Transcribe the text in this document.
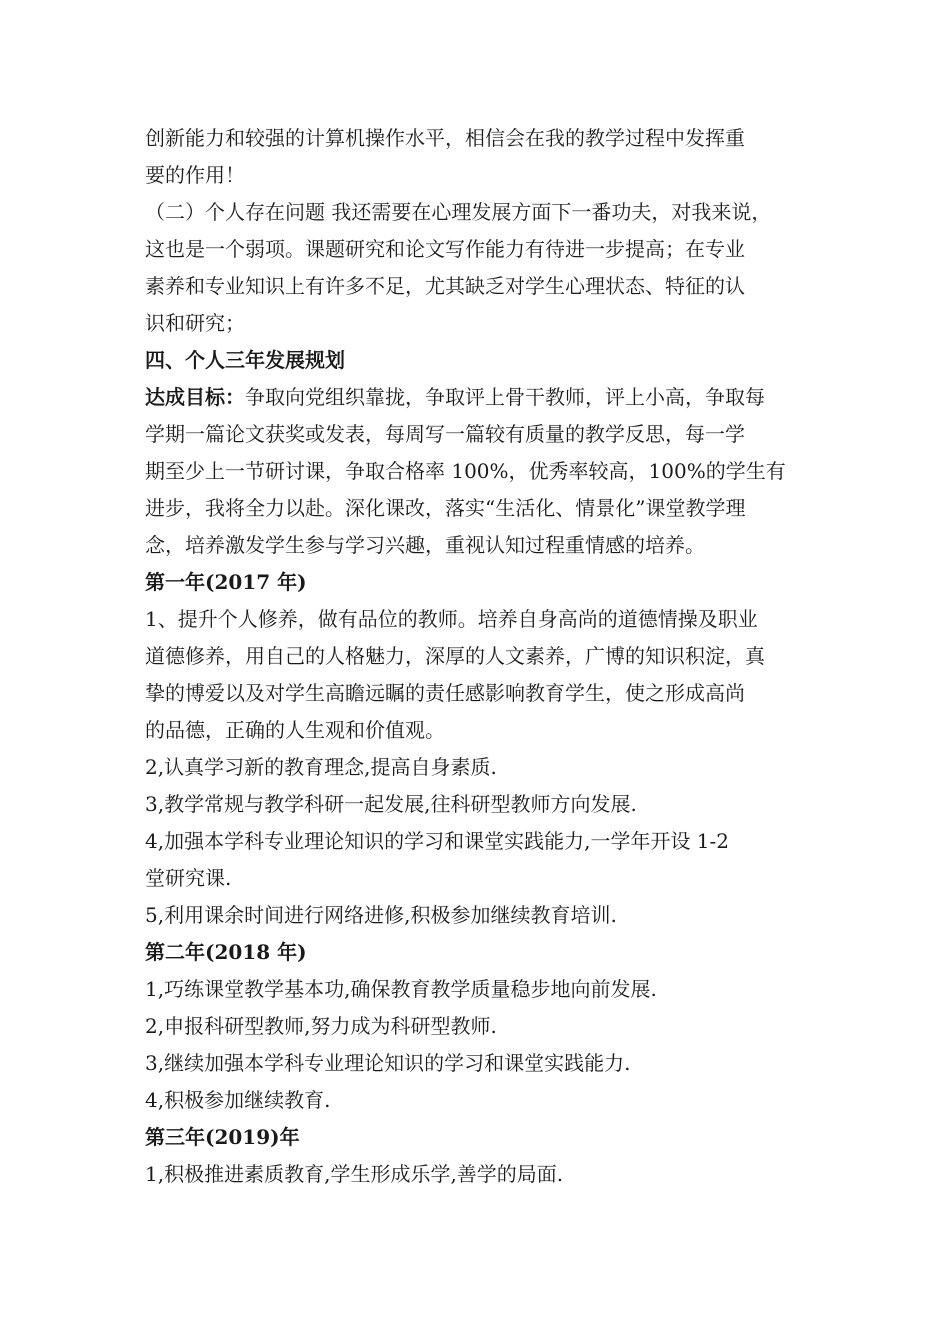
创新能力和较强的计算机操作水平，相信会在我的教学过程中发挥重
要的作用！
（二）个人存在问题 我还需要在心理发展方面下一番功夫，对我来说，
这也是一个弱项。课题研究和论文写作能力有待进一步提高；在专业
素养和专业知识上有许多不足，尤其缺乏对学生心理状态、特征的认
识和研究；
四、个人三年发展规划
达成目标：争取向党组织靠拢，争取评上骨干教师，评上小高，争取每
学期一篇论文获奖或发表，每周写一篇较有质量的教学反思，每一学
期至少上一节研讨课，争取合格率 100%，优秀率较高，100%的学生有
进步，我将全力以赴。深化课改，落实“生活化、情景化”课堂教学理
念，培养激发学生参与学习兴趣，重视认知过程重情感的培养。
第一年(2017 年)
1、提升个人修养，做有品位的教师。培养自身高尚的道德情操及职业
道德修养，用自己的人格魅力，深厚的人文素养，广博的知识积淀，真
挚的博爱以及对学生高瞻远瞩的责任感影响教育学生，使之形成高尚
的品德，正确的人生观和价值观。
2,认真学习新的教育理念,提高自身素质.
3,教学常规与教学科研一起发展,往科研型教师方向发展.
4,加强本学科专业理论知识的学习和课堂实践能力,一学年开设 1-2
堂研究课.
5,利用课余时间进行网络进修,积极参加继续教育培训.
第二年(2018 年)
1,巧练课堂教学基本功,确保教育教学质量稳步地向前发展.
2,申报科研型教师,努力成为科研型教师.
3,继续加强本学科专业理论知识的学习和课堂实践能力.
4,积极参加继续教育.
第三年(2019)年
1,积极推进素质教育,学生形成乐学,善学的局面.
